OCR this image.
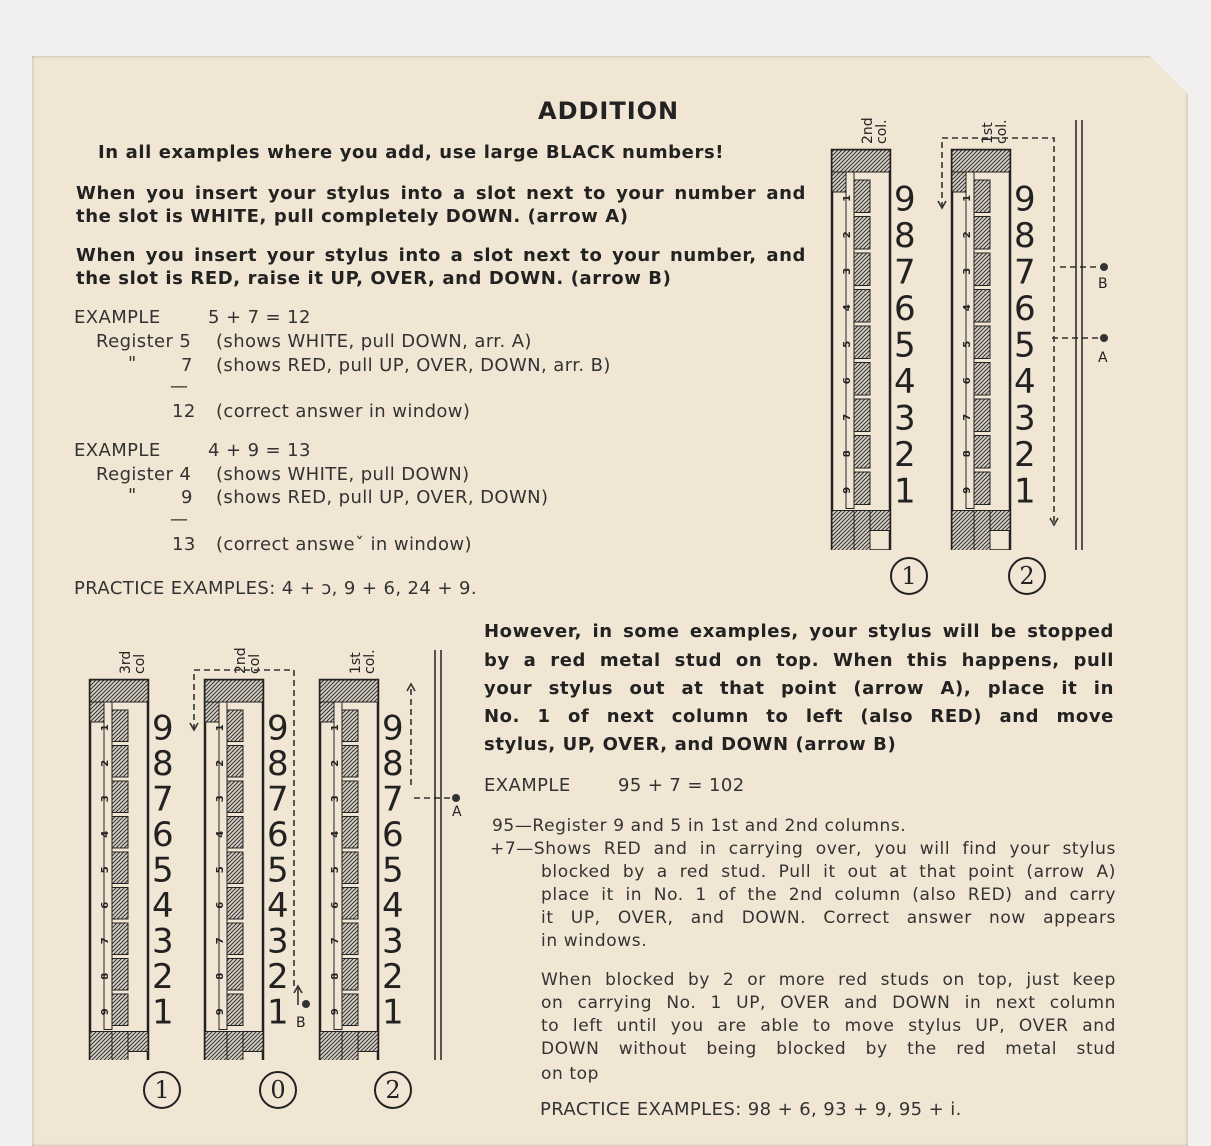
ADDITION
In all examples where you add, use large BLACK numbers!
When you insert your stylus into a slot next to your number and
the slot is WHITE, pull completely DOWN. (arrow A)
When you insert your stylus into a slot next to your number, and
the slot is RED, raise it UP, OVER, and DOWN. (arrow B)
EXAMPLE	5 + 7 = 12
Register 5 (shows WHITE, pull DOWN, arr. A)
" 7 (shows RED, pull UP, OVER, DOWN, arr. B)
—
12 (correct answer in window)
EXAMPLE	4 + 9 = 13
Register 4 (shows WHITE, pull DOWN)
" 9 (shows RED, pull UP, OVER, DOWN)
—
13 (correct answeˇ in window)
PRACTICE EXAMPLES: 4 + ɔ, 9 + 6, 24 + 9.
1 9
2 8
3 7
4 6
5 5
6 4
7 3
8 2
9 1
2nd
col.
1 9
2 8
3 7
4 6
5 5
6 4
7 3
8 2
9 1
1st
col.
B
A
1	2
1 9
2 8
3 7
4 6
5 5
6 4
7 3
8 2
9 1
3rd
col
1 9
2 8
3 7
4 6
5 5
6 4
7 3
8 2
9 1
2nd
col
1 9
2 8
3 7
4 6
5 5
6 4
7 3
8 2
9 1
1st
col.
B
A
1	0	2
However, in some examples, your stylus will be stopped
by a red metal stud on top. When this happens, pull
your stylus out at that point (arrow A), place it in
No. 1 of next column to left (also RED) and move
stylus, UP, OVER, and DOWN (arrow B)
EXAMPLE	95 + 7 = 102
95—Register 9 and 5 in 1st and 2nd columns.
+7—Shows RED and in carrying over, you will find your stylus
blocked by a red stud. Pull it out at that point (arrow A)
place it in No. 1 of the 2nd column (also RED) and carry
it UP, OVER, and DOWN. Correct answer now appears
in windows.
When blocked by 2 or more red studs on top, just keep
on carrying No. 1 UP, OVER and DOWN in next column
to left until you are able to move stylus UP, OVER and
DOWN without being blocked by the red metal stud
on top
PRACTICE EXAMPLES: 98 + 6, 93 + 9, 95 + і.
